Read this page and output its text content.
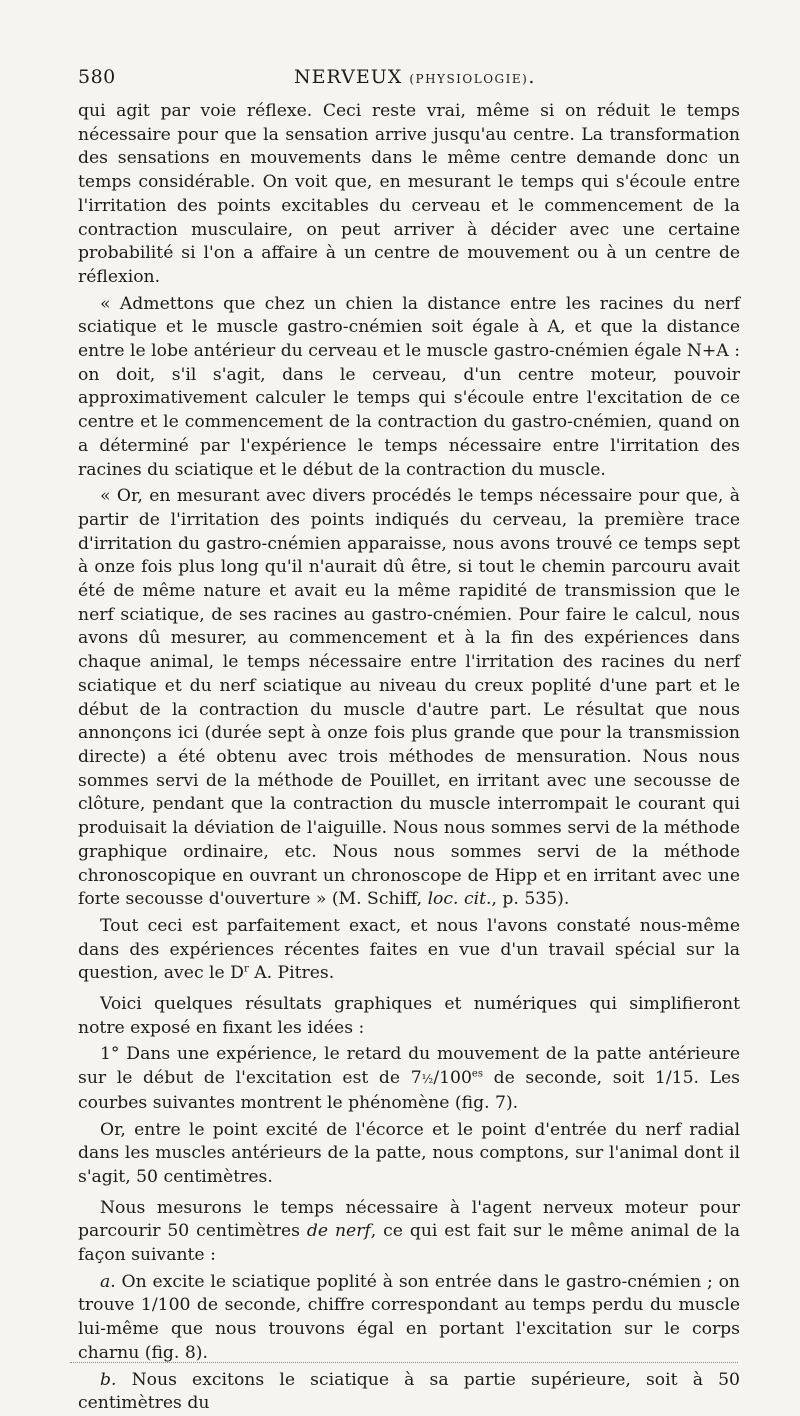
580	NERVEUX (PHYSIOLOGIE).

qui agit par voie réflexe. Ceci reste vrai, même si on réduit le temps nécessaire pour que la sensation arrive jusqu'au centre. La transformation des sensations en mouvements dans le même centre demande donc un temps considérable. On voit que, en mesurant le temps qui s'écoule entre l'irritation des points excitables du cerveau et le commencement de la contraction musculaire, on peut arriver à décider avec une certaine probabilité si l'on a affaire à un centre de mouvement ou à un centre de réflexion.

« Admettons que chez un chien la distance entre les racines du nerf sciatique et le muscle gastro-cnémien soit égale à A, et que la distance entre le lobe antérieur du cerveau et le muscle gastro-cnémien égale N+A : on doit, s'il s'agit, dans le cerveau, d'un centre moteur, pouvoir approximativement calculer le temps qui s'écoule entre l'excitation de ce centre et le commencement de la contraction du gastro-cnémien, quand on a déterminé par l'expérience le temps nécessaire entre l'irritation des racines du sciatique et le début de la contraction du muscle.

« Or, en mesurant avec divers procédés le temps nécessaire pour que, à partir de l'irritation des points indiqués du cerveau, la première trace d'irritation du gastro-cnémien apparaisse, nous avons trouvé ce temps sept à onze fois plus long qu'il n'aurait dû être, si tout le chemin parcouru avait été de même nature et avait eu la même rapidité de transmission que le nerf sciatique, de ses racines au gastro-cnémien. Pour faire le calcul, nous avons dû mesurer, au commencement et à la fin des expériences dans chaque animal, le temps nécessaire entre l'irritation des racines du nerf sciatique et du nerf sciatique au niveau du creux poplité d'une part et le début de la contraction du muscle d'autre part. Le résultat que nous annonçons ici (durée sept à onze fois plus grande que pour la transmission directe) a été obtenu avec trois méthodes de mensuration. Nous nous sommes servi de la méthode de Pouillet, en irritant avec une secousse de clôture, pendant que la contraction du muscle interrompait le courant qui produisait la déviation de l'aiguille. Nous nous sommes servi de la méthode graphique ordinaire, etc. Nous nous sommes servi de la méthode chronoscopique en ouvrant un chronoscope de Hipp et en irritant avec une forte secousse d'ouverture » (M. Schiff, loc. cit., p. 535).

Tout ceci est parfaitement exact, et nous l'avons constaté nous-même dans des expériences récentes faites en vue d'un travail spécial sur la question, avec le $D^r$ A. Pitres.

Voici quelques résultats graphiques et numériques qui simplifieront notre exposé en fixant les idées :

1° Dans une expérience, le retard du mouvement de la patte antérieure sur le début de l'excitation est de $7\frac{1}{2}/100^{es}$ de seconde, soit 1/15. Les courbes suivantes montrent le phénomène (fig. 7).

Or, entre le point excité de l'écorce et le point d'entrée du nerf radial dans les muscles antérieurs de la patte, nous comptons, sur l'animal dont il s'agit, 50 centimètres.

Nous mesurons le temps nécessaire à l'agent nerveux moteur pour parcourir 50 centimètres de nerf, ce qui est fait sur le même animal de la façon suivante :

a. On excite le sciatique poplité à son entrée dans le gastro-cnémien ; on trouve 1/100 de seconde, chiffre correspondant au temps perdu du muscle lui-même que nous trouvons égal en portant l'excitation sur le corps charnu (fig. 8).

b. Nous excitons le sciatique à sa partie supérieure, soit à 50 centimètres du
